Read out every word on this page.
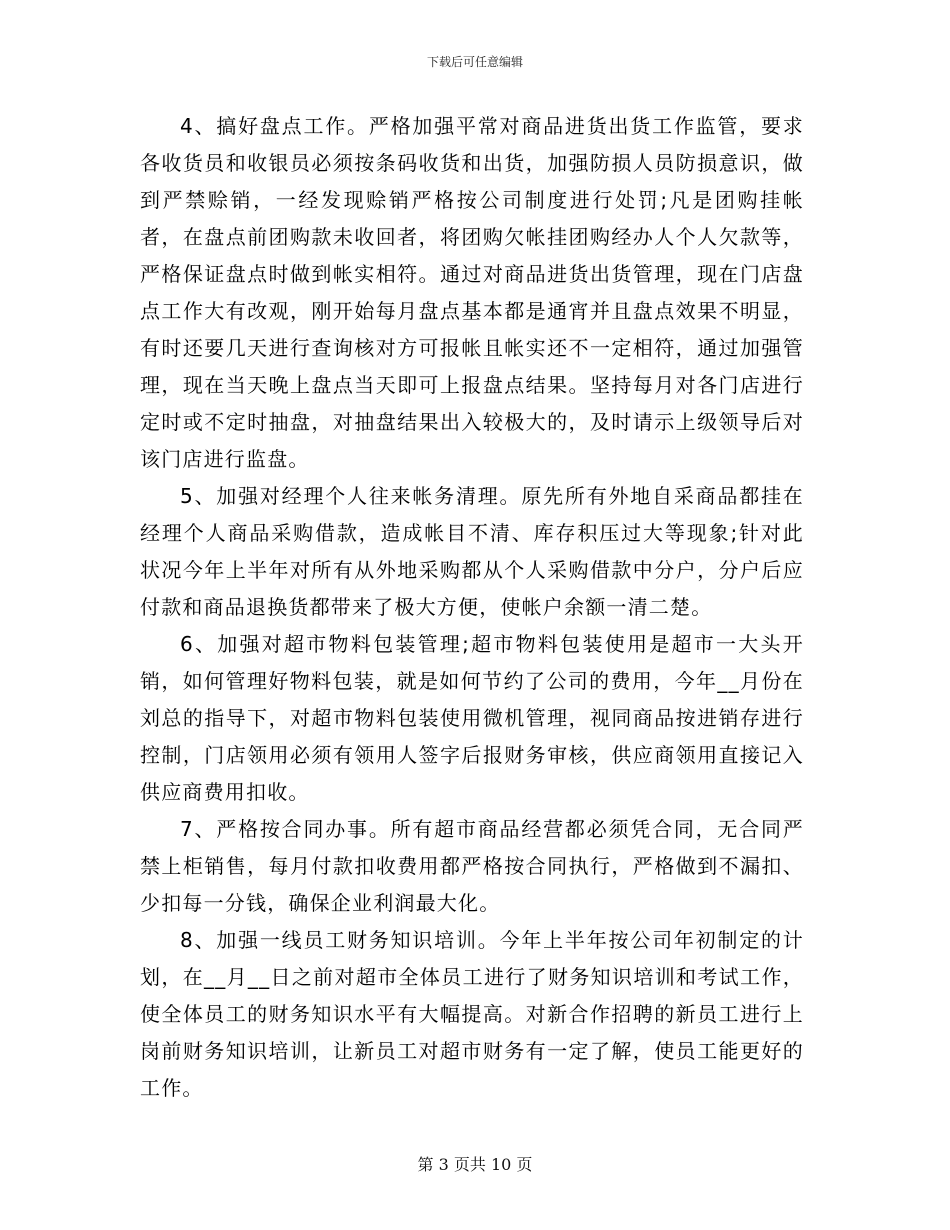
下载后可任意编辑

4、搞好盘点工作。严格加强平常对商品进货出货工作监管，要求各收货员和收银员必须按条码收货和出货，加强防损人员防损意识，做到严禁赊销，一经发现赊销严格按公司制度进行处罚;凡是团购挂帐者，在盘点前团购款未收回者，将团购欠帐挂团购经办人个人欠款等，严格保证盘点时做到帐实相符。通过对商品进货出货管理，现在门店盘点工作大有改观，刚开始每月盘点基本都是通宵并且盘点效果不明显，有时还要几天进行查询核对方可报帐且帐实还不一定相符，通过加强管理，现在当天晚上盘点当天即可上报盘点结果。坚持每月对各门店进行定时或不定时抽盘，对抽盘结果出入较极大的，及时请示上级领导后对该门店进行监盘。

5、加强对经理个人往来帐务清理。原先所有外地自采商品都挂在经理个人商品采购借款，造成帐目不清、库存积压过大等现象;针对此状况今年上半年对所有从外地采购都从个人采购借款中分户，分户后应付款和商品退换货都带来了极大方便，使帐户余额一清二楚。

6、加强对超市物料包装管理;超市物料包装使用是超市一大头开销，如何管理好物料包装，就是如何节约了公司的费用，今年__月份在刘总的指导下，对超市物料包装使用微机管理，视同商品按进销存进行控制，门店领用必须有领用人签字后报财务审核，供应商领用直接记入供应商费用扣收。

7、严格按合同办事。所有超市商品经营都必须凭合同，无合同严禁上柜销售，每月付款扣收费用都严格按合同执行，严格做到不漏扣、少扣每一分钱，确保企业利润最大化。

8、加强一线员工财务知识培训。今年上半年按公司年初制定的计划，在__月__日之前对超市全体员工进行了财务知识培训和考试工作，使全体员工的财务知识水平有大幅提高。对新合作招聘的新员工进行上岗前财务知识培训，让新员工对超市财务有一定了解，使员工能更好的工作。

第 3 页共 10 页
